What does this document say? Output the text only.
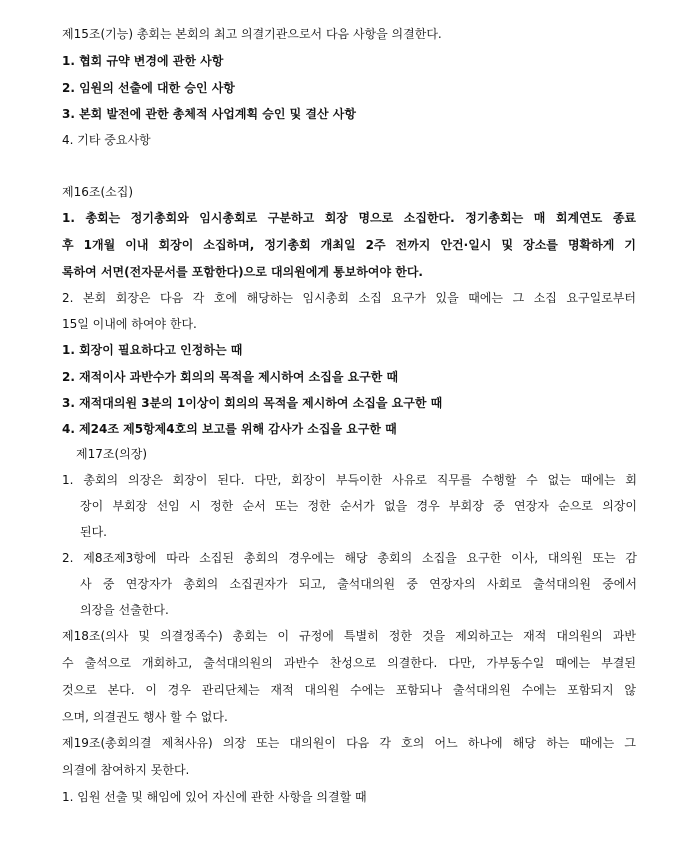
제15조(기능) 총회는 본회의 최고 의결기관으로서 다음 사항을 의결한다.
1. 협회 규약 변경에 관한 사항
2. 임원의 선출에 대한 승인 사항
3. 본회 발전에 관한 총체적 사업계획 승인 및 결산 사항
4. 기타 중요사항
제16조(소집)
1. 총회는 정기총회와 임시총회로 구분하고 회장 명으로 소집한다. 정기총회는 매 회계연도 종료
후 1개월 이내 회장이 소집하며, 정기총회 개최일 2주 전까지 안건·일시 및 장소를 명확하게 기
록하여 서면(전자문서를 포함한다)으로 대의원에게 통보하여야 한다.
2. 본회 회장은 다음 각 호에 해당하는 임시총회 소집 요구가 있을 때에는 그 소집 요구일로부터
15일 이내에 하여야 한다.
1. 회장이 필요하다고 인정하는 때
2. 재적이사 과반수가 회의의 목적을 제시하여 소집을 요구한 때
3. 재적대의원 3분의 1이상이 회의의 목적을 제시하여 소집을 요구한 때
4. 제24조 제5항제4호의 보고를 위해 감사가 소집을 요구한 때
제17조(의장)
1. 총회의 의장은 회장이 된다. 다만, 회장이 부득이한 사유로 직무를 수행할 수 없는 때에는 회
장이 부회장 선임 시 정한 순서 또는 정한 순서가 없을 경우 부회장 중 연장자 순으로 의장이
된다.
2. 제8조제3항에 따라 소집된 총회의 경우에는 해당 총회의 소집을 요구한 이사, 대의원 또는 감
사 중 연장자가 총회의 소집권자가 되고, 출석대의원 중 연장자의 사회로 출석대의원 중에서
의장을 선출한다.
제18조(의사 및 의결정족수) 총회는 이 규정에 특별히 정한 것을 제외하고는 재적 대의원의 과반
수 출석으로 개회하고, 출석대의원의 과반수 찬성으로 의결한다. 다만, 가부동수일 때에는 부결된
것으로 본다. 이 경우 관리단체는 재적 대의원 수에는 포함되나 출석대의원 수에는 포함되지 않
으며, 의결권도 행사 할 수 없다.
제19조(총회의결 제척사유) 의장 또는 대의원이 다음 각 호의 어느 하나에 해당 하는 때에는 그
의결에 참여하지 못한다.
1. 임원 선출 및 해임에 있어 자신에 관한 사항을 의결할 때
